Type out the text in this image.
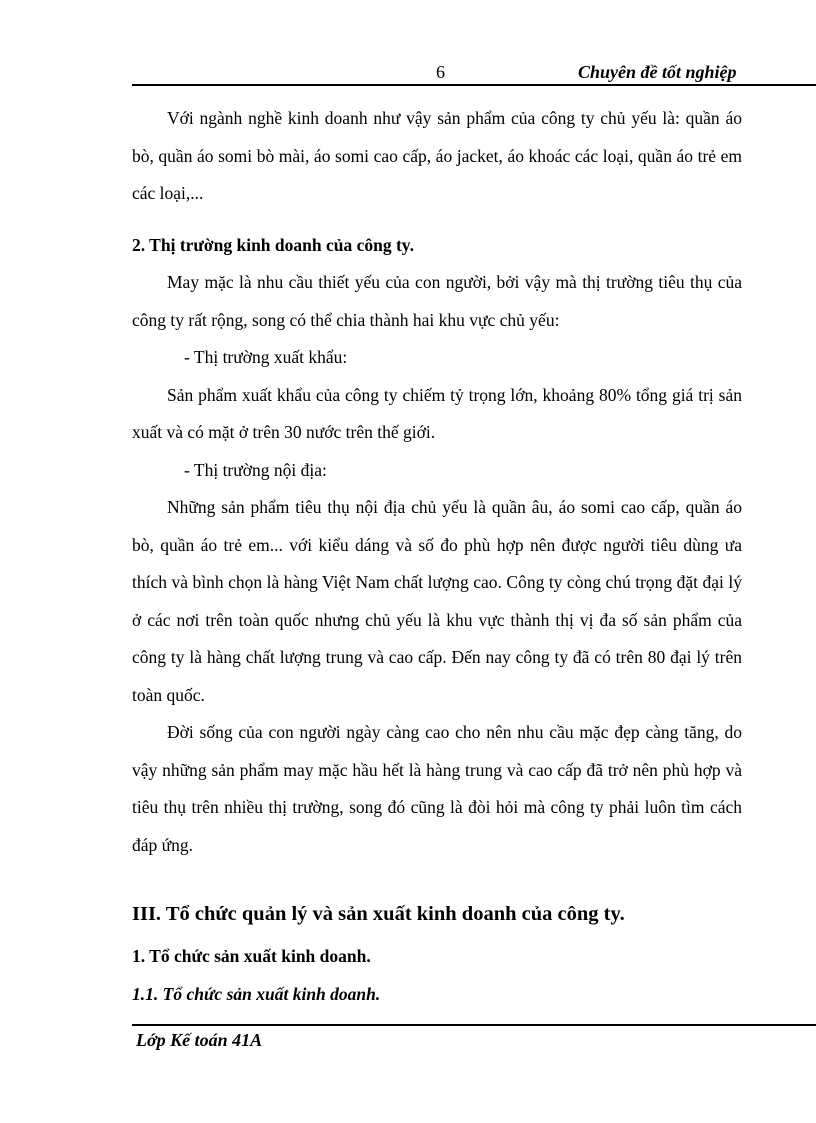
6	Chuyên đề tốt nghiệp

Với ngành nghề kinh doanh như vậy sản phẩm của công ty chủ yếu là: quần áo bò, quần áo somi bò mài, áo somi cao cấp, áo jacket, áo khoác các loại, quần áo trẻ em các loại,...

2. Thị trường kinh doanh của công ty.

May mặc là nhu cầu thiết yếu của con người, bởi vậy mà thị trường tiêu thụ của công ty rất rộng, song có thể chia thành hai khu vực chủ yếu:

- Thị trường xuất khẩu:

Sản phẩm xuất khẩu của công ty chiếm tỷ trọng lớn, khoảng 80% tổng giá trị sản xuất và có mặt ở trên 30 nước trên thế giới.

- Thị trường nội địa:

Những sản phẩm tiêu thụ nội địa chủ yếu là quần âu, áo somi cao cấp, quần áo bò, quần áo trẻ em... với kiểu dáng và số đo phù hợp nên được người tiêu dùng ưa thích và bình chọn là hàng Việt Nam chất lượng cao. Công ty còng chú trọng đặt đại lý ở các nơi trên toàn quốc nhưng chủ yếu là khu vực thành thị vị đa số sản phẩm của công ty là hàng chất lượng trung và cao cấp. Đến nay công ty đã có trên 80 đại lý trên toàn quốc.

Đời sống của con người ngày càng cao cho nên nhu cầu mặc đẹp càng tăng, do vậy những sản phẩm may mặc hầu hết là hàng trung và cao cấp đã trở nên phù hợp và tiêu thụ trên nhiều thị trường, song đó cũng là đòi hỏi mà công ty phải luôn tìm cách đáp ứng.

III. Tổ chức quản lý và sản xuất kinh doanh của công ty.

1. Tổ chức sản xuất kinh doanh.

1.1. Tổ chức sản xuất kinh doanh.

Lớp Kế toán 41A
